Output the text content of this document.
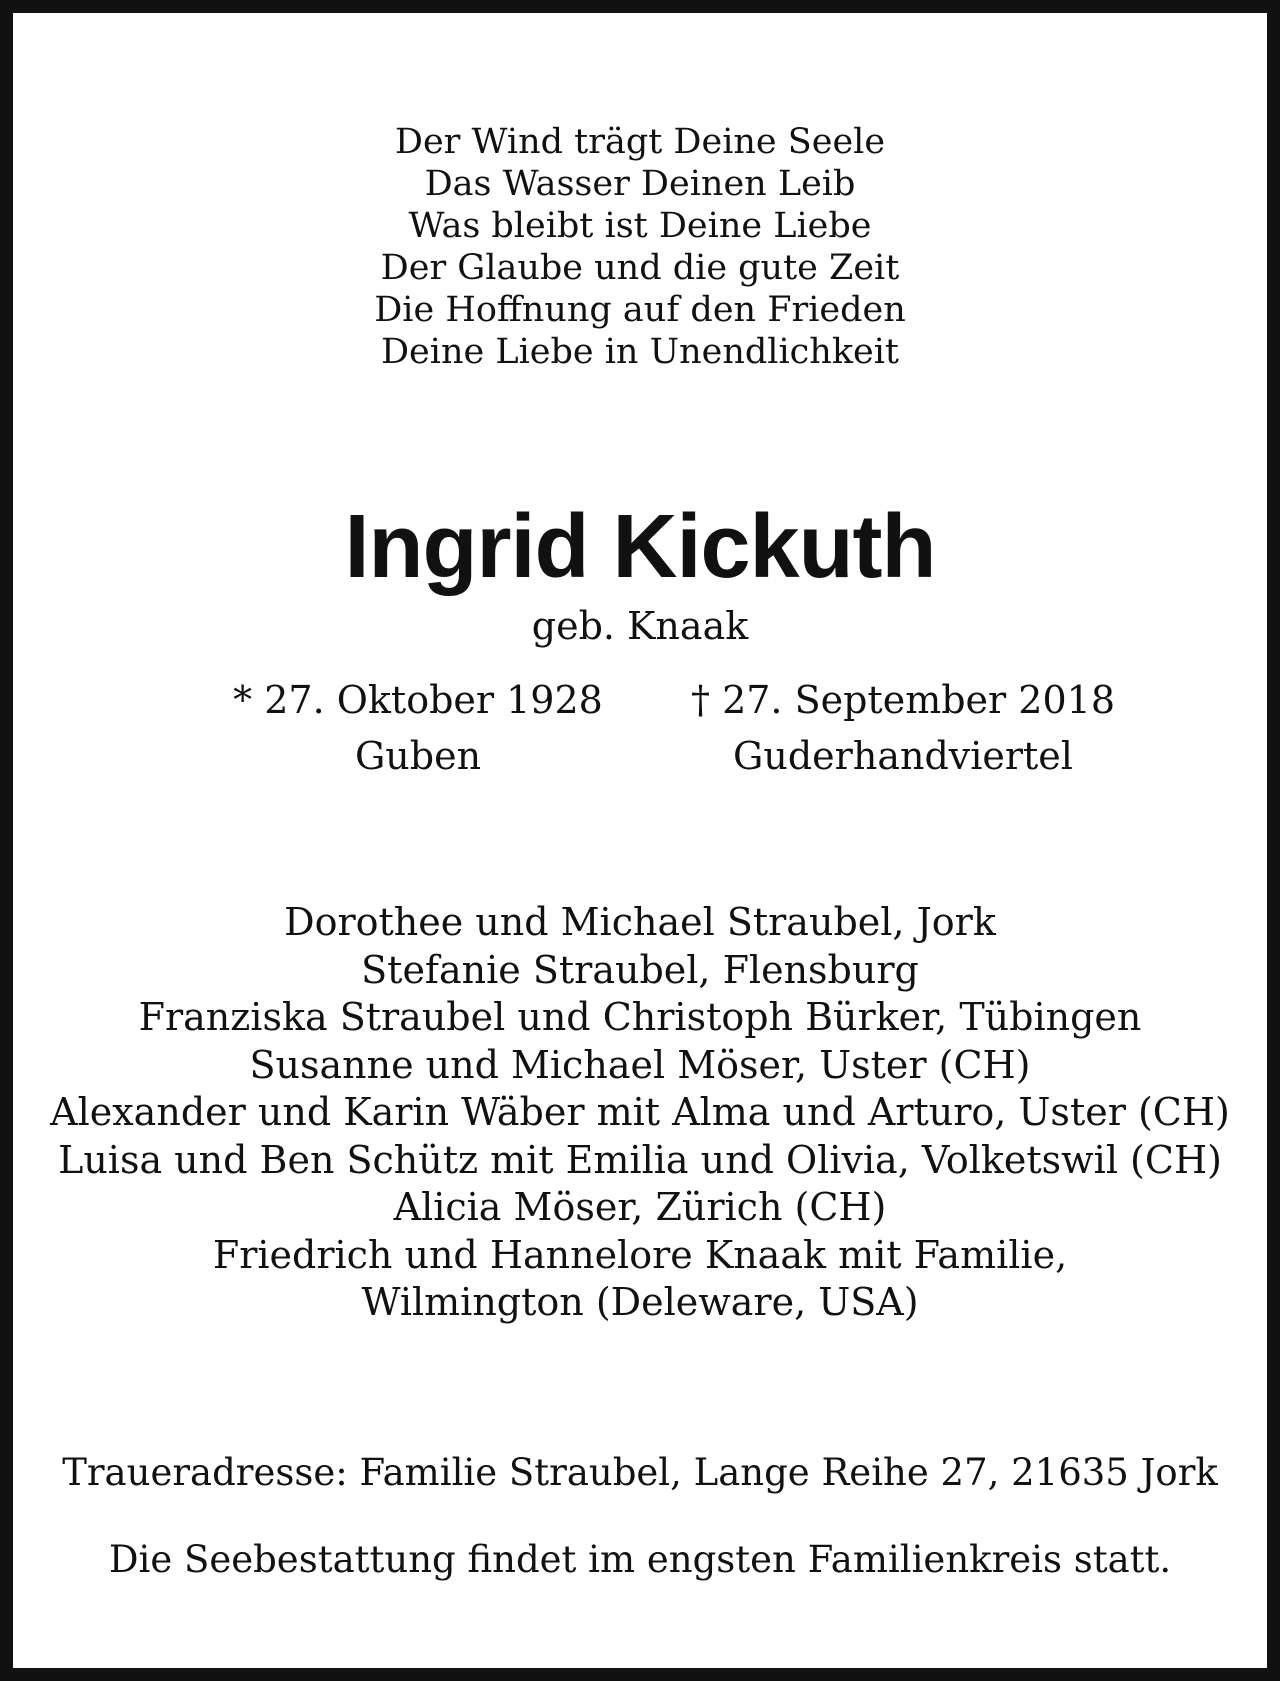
Der Wind trägt Deine Seele
Das Wasser Deinen Leib
Was bleibt ist Deine Liebe
Der Glaube und die gute Zeit
Die Hoffnung auf den Frieden
Deine Liebe in Unendlichkeit
Ingrid Kickuth
geb. Knaak
* 27. Oktober 1928
Guben
† 27. September 2018
Guderhandviertel
Dorothee und Michael Straubel, Jork
Stefanie Straubel, Flensburg
Franziska Straubel und Christoph Bürker, Tübingen
Susanne und Michael Möser, Uster (CH)
Alexander und Karin Wäber mit Alma und Arturo, Uster (CH)
Luisa und Ben Schütz mit Emilia und Olivia, Volketswil (CH)
Alicia Möser, Zürich (CH)
Friedrich und Hannelore Knaak mit Familie,
Wilmington (Deleware, USA)
Traueradresse: Familie Straubel, Lange Reihe 27, 21635 Jork
Die Seebestattung findet im engsten Familienkreis statt.
